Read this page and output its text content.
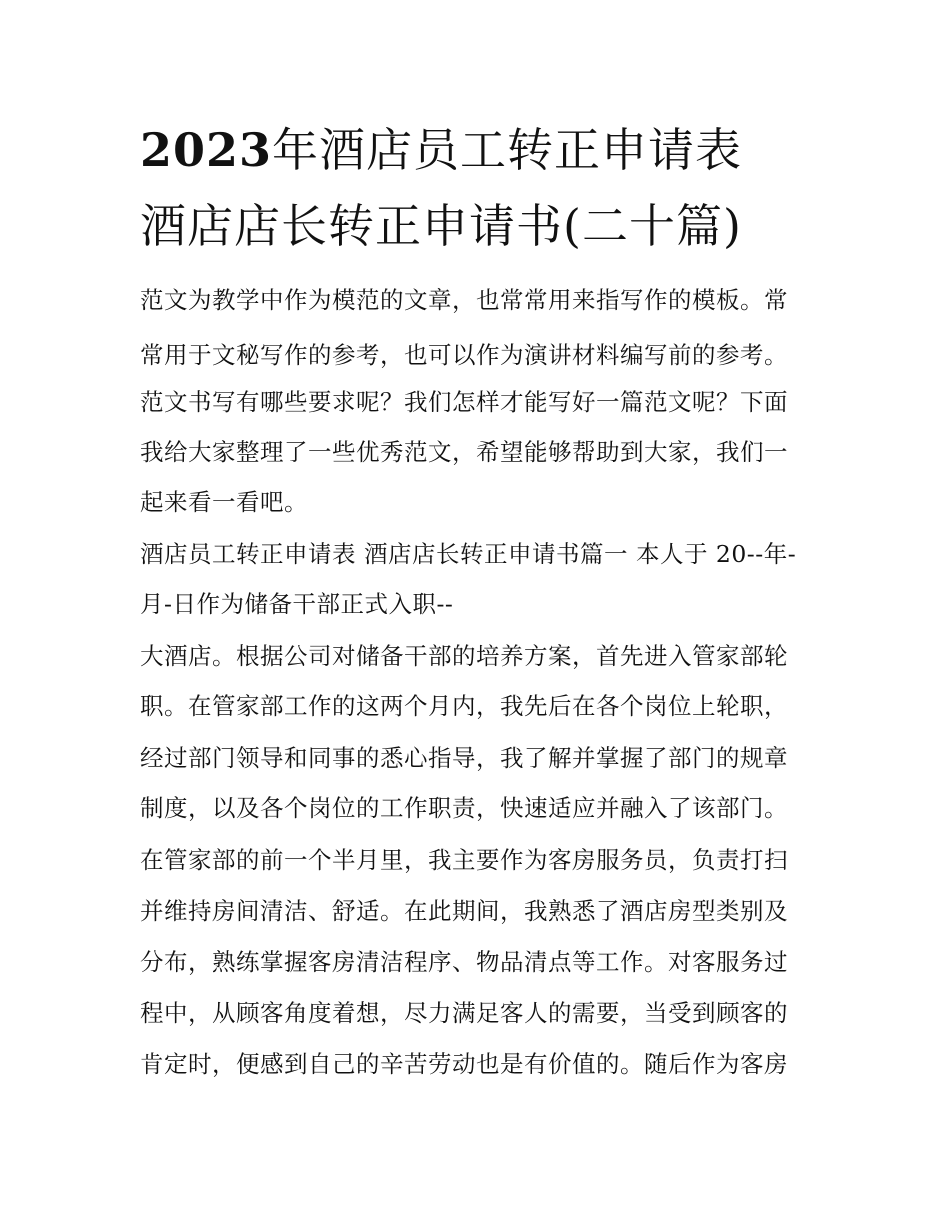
2023年酒店员工转正申请表
酒店店长转正申请书(二十篇)

范文为教学中作为模范的文章，也常常用来指写作的模板。常

常用于文秘写作的参考，也可以作为演讲材料编写前的参考。

范文书写有哪些要求呢？我们怎样才能写好一篇范文呢？下面

我给大家整理了一些优秀范文，希望能够帮助到大家，我们一

起来看一看吧。

酒店员工转正申请表 酒店店长转正申请书篇一 本人于 20--年-

月-日作为储备干部正式入职--

大酒店。根据公司对储备干部的培养方案，首先进入管家部轮

职。在管家部工作的这两个月内，我先后在各个岗位上轮职，

经过部门领导和同事的悉心指导，我了解并掌握了部门的规章

制度，以及各个岗位的工作职责，快速适应并融入了该部门。

在管家部的前一个半月里，我主要作为客房服务员，负责打扫

并维持房间清洁、舒适。在此期间，我熟悉了酒店房型类别及

分布，熟练掌握客房清洁程序、物品清点等工作。对客服务过

程中，从顾客角度着想，尽力满足客人的需要，当受到顾客的

肯定时，便感到自己的辛苦劳动也是有价值的。随后作为客房
